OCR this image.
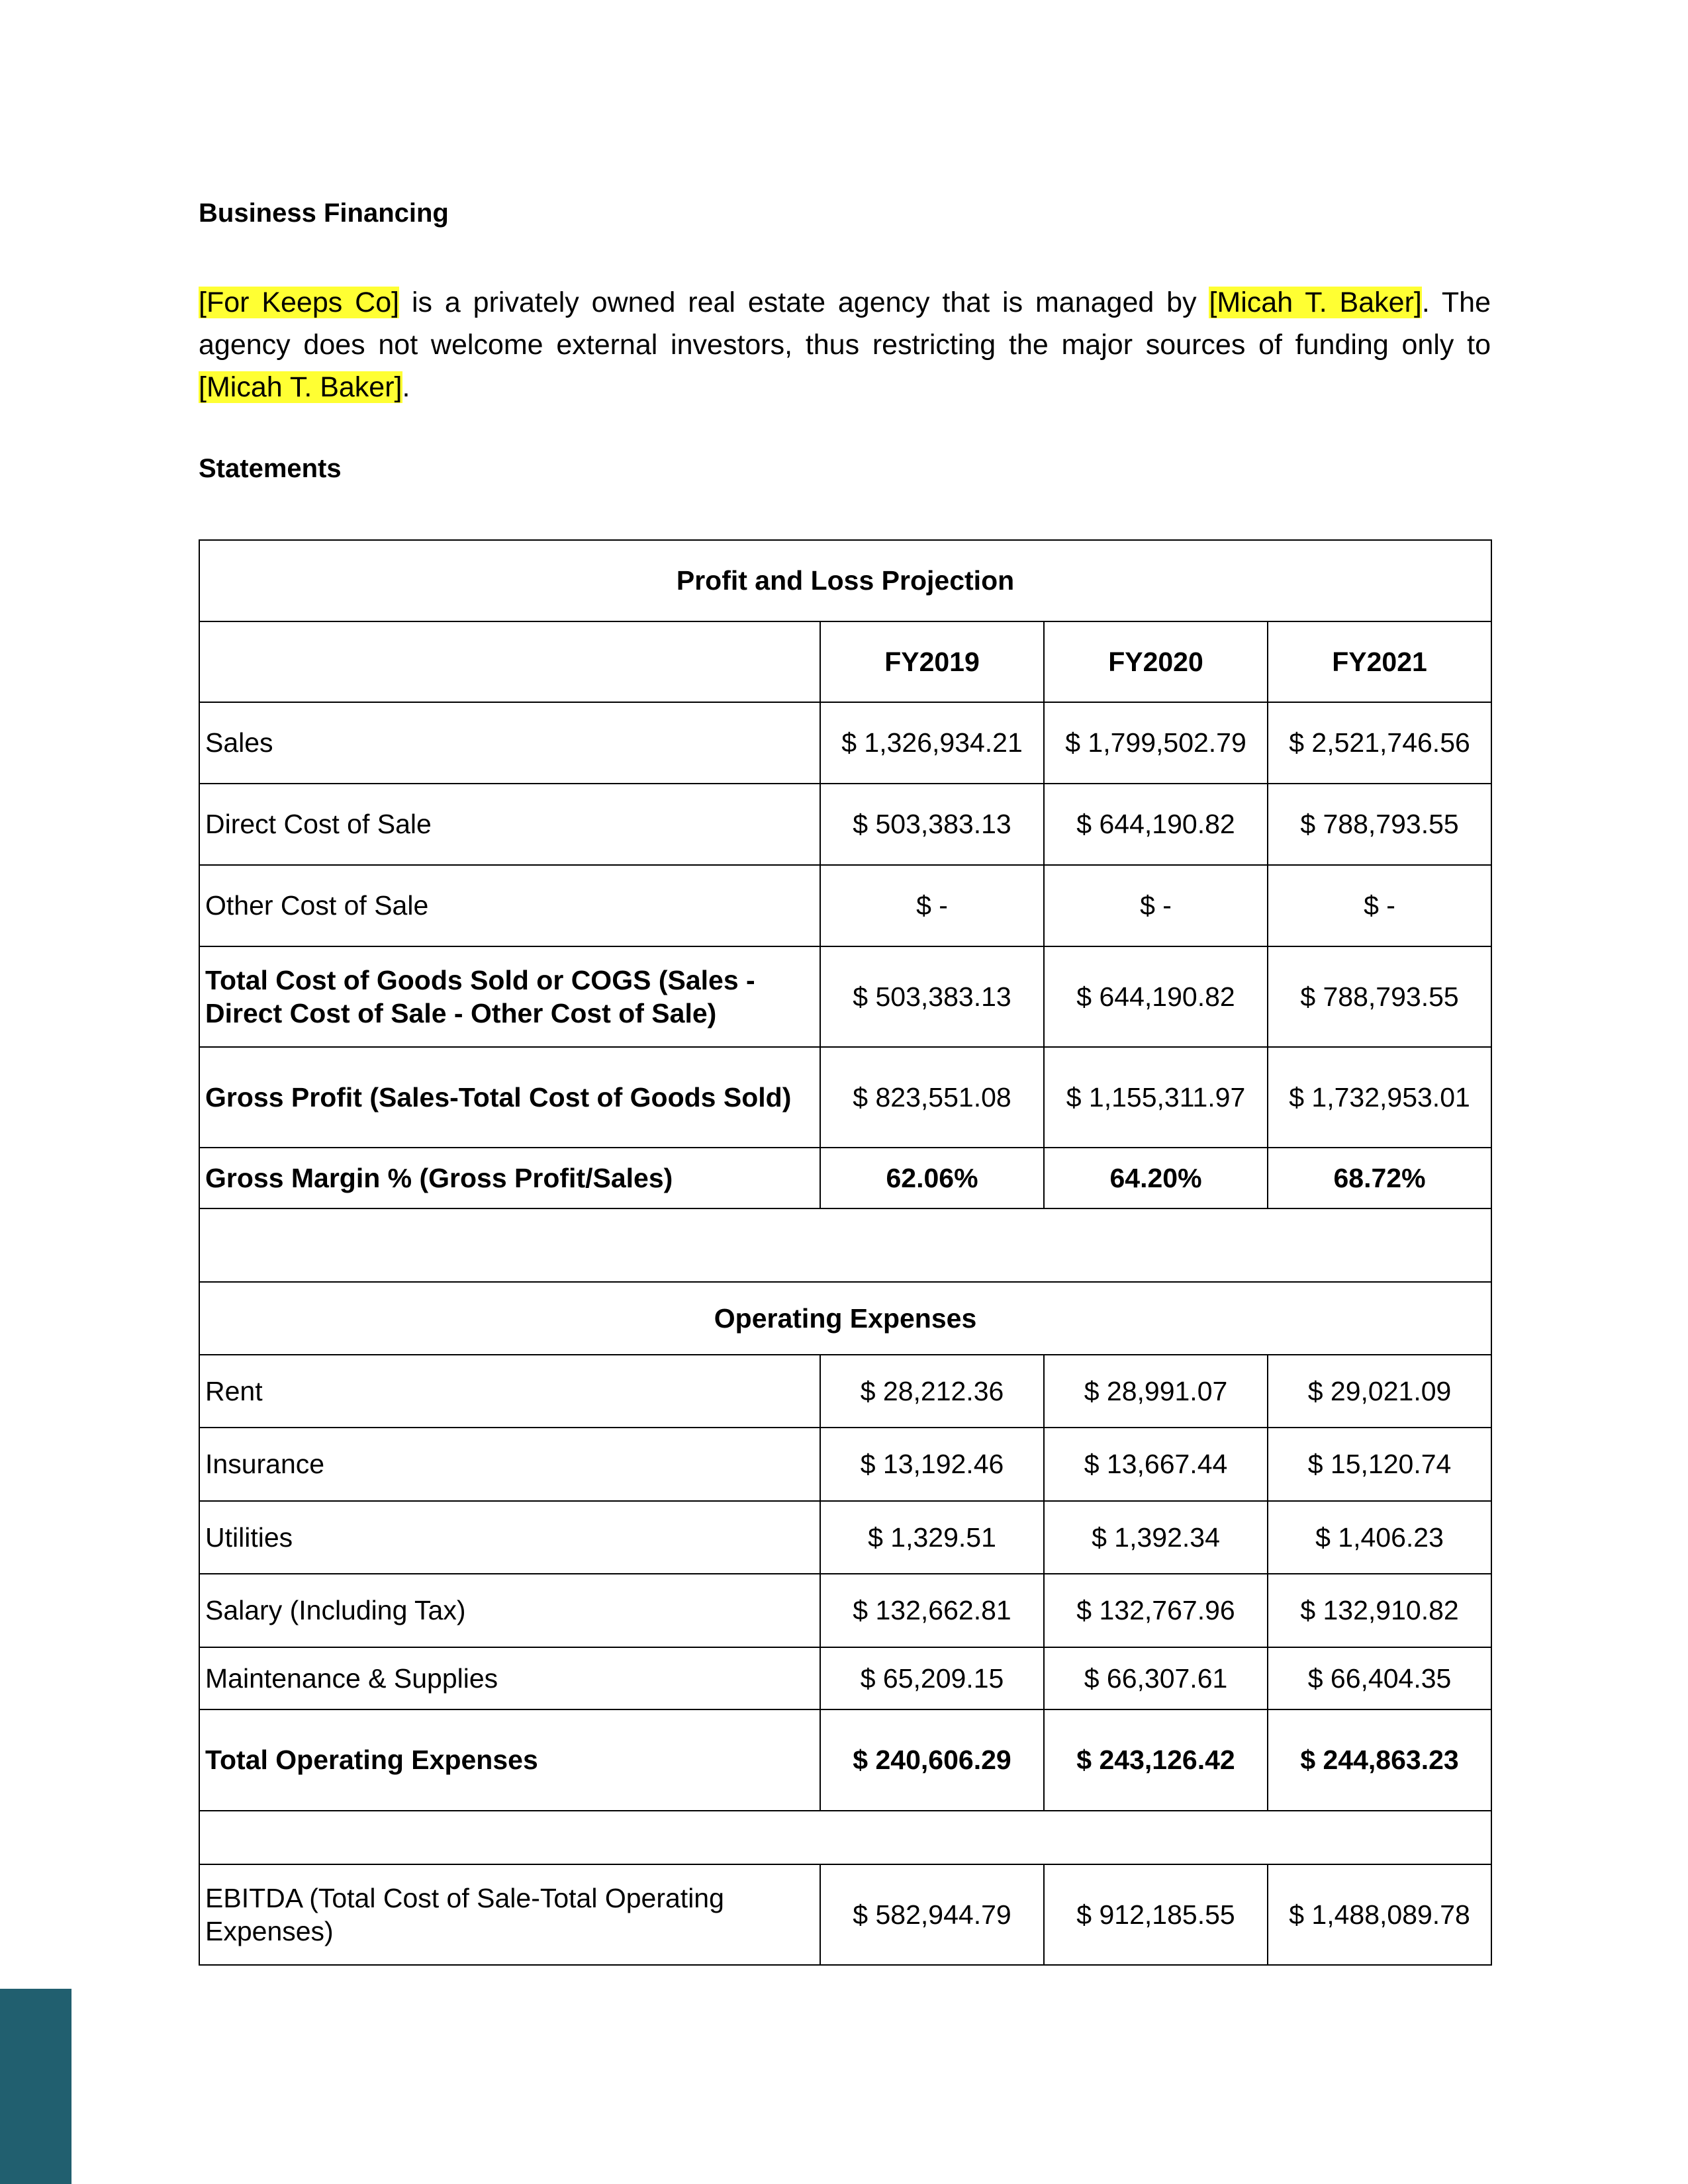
Business Financing

[For Keeps Co] is a privately owned real estate agency that is managed by [Micah T. Baker]. The agency does not welcome external investors, thus restricting the major sources of funding only to [Micah T. Baker].

Statements
Profit and Loss Projection			
	FY2019	FY2020	FY2021
Sales	$ 1,326,934.21	$ 1,799,502.79	$ 2,521,746.56
Direct Cost of Sale	$ 503,383.13	$ 644,190.82	$ 788,793.55
Other Cost of Sale	$ -	$ -	$ -
Total Cost of Goods Sold or COGS (Sales - Direct Cost of Sale - Other Cost of Sale)	$ 503,383.13	$ 644,190.82	$ 788,793.55
Gross Profit (Sales-Total Cost of Goods Sold)	$ 823,551.08	$ 1,155,311.97	$ 1,732,953.01
Gross Margin % (Gross Profit/Sales)	62.06%	64.20%	68.72%

Operating Expenses			
Rent	$ 28,212.36	$ 28,991.07	$ 29,021.09
Insurance	$ 13,192.46	$ 13,667.44	$ 15,120.74
Utilities	$ 1,329.51	$ 1,392.34	$ 1,406.23
Salary (Including Tax)	$ 132,662.81	$ 132,767.96	$ 132,910.82
Maintenance & Supplies	$ 65,209.15	$ 66,307.61	$ 66,404.35
Total Operating Expenses	$ 240,606.29	$ 243,126.42	$ 244,863.23

EBITDA (Total Cost of Sale-Total Operating Expenses)	$ 582,944.79	$ 912,185.55	$ 1,488,089.78
